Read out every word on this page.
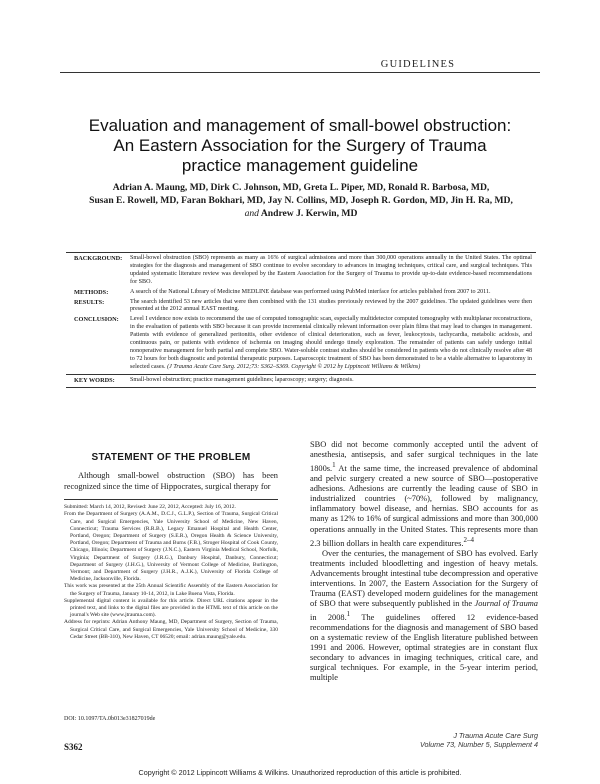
GUIDELINES
Evaluation and management of small-bowel obstruction:
An Eastern Association for the Surgery of Trauma
practice management guideline
Adrian A. Maung, MD, Dirk C. Johnson, MD, Greta L. Piper, MD, Ronald R. Barbosa, MD,
Susan E. Rowell, MD, Faran Bokhari, MD, Jay N. Collins, MD, Joseph R. Gordon, MD, Jin H. Ra, MD,
and Andrew J. Kerwin, MD
BACKGROUND:	Small-bowel obstruction (SBO) represents as many as 16% of surgical admissions and more than 300,000 operations annually in the United States. The optimal strategies for the diagnosis and management of SBO continue to evolve secondary to advances in imaging techniques, critical care, and surgical techniques. This updated systematic literature review was developed by the Eastern Association for the Surgery of Trauma to provide up-to-date evidence-based recommendations for SBO.
METHODS:	A search of the National Library of Medicine MEDLINE database was performed using PubMed interface for articles published from 2007 to 2011.
RESULTS:	The search identified 53 new articles that were then combined with the 131 studies previously reviewed by the 2007 guidelines. The updated guidelines were then presented at the 2012 annual EAST meeting.
CONCLUSION:	Level I evidence now exists to recommend the use of computed tomographic scan, especially multidetector computed tomography with multiplanar reconstructions, in the evaluation of patients with SBO because it can provide incremental clinically relevant information over plain films that may lead to changes in management. Patients with evidence of generalized peritonitis, other evidence of clinical deterioration, such as fever, leukocytosis, tachycardia, metabolic acidosis, and continuous pain, or patients with evidence of ischemia on imaging should undergo timely exploration. The remainder of patients can safely undergo initial nonoperative management for both partial and complete SBO. Water-soluble contrast studies should be considered in patients who do not clinically resolve after 48 to 72 hours for both diagnostic and potential therapeutic purposes. Laparoscopic treatment of SBO has been demonstrated to be a viable alternative to laparotomy in selected cases. (J Trauma Acute Care Surg. 2012;73: S362–S369. Copyright © 2012 by Lippincott Williams & Wilkins)
KEY WORDS:	Small-bowel obstruction; practice management guidelines; laparoscopy; surgery; diagnosis.
STATEMENT OF THE PROBLEM

Although small-bowel obstruction (SBO) has been recognized since the time of Hippocrates, surgical therapy for

Submitted: March 14, 2012, Revised: June 22, 2012, Accepted: July 16, 2012.

From the Department of Surgery (A.A.M., D.C.J., G.L.P.), Section of Trauma, Surgical Critical Care, and Surgical Emergencies, Yale University School of Medicine, New Haven, Connecticut; Trauma Services (R.R.B.), Legacy Emanuel Hospital and Health Center, Portland, Oregon; Department of Surgery (S.E.R.), Oregon Health & Science University, Portland, Oregon; Department of Trauma and Burns (F.B.), Stroger Hospital of Cook County, Chicago, Illinois; Department of Surgery (J.N.C.), Eastern Virginia Medical School, Norfolk, Virginia; Department of Surgery (J.R.G.), Danbury Hospital, Danbury, Connecticut; Department of Surgery (J.H.G.), University of Vermont College of Medicine, Burlington, Vermont; and Department of Surgery (J.H.R., A.J.K.), University of Florida College of Medicine, Jacksonville, Florida.

This work was presented at the 25th Annual Scientific Assembly of the Eastern Association for the Surgery of Trauma, January 10-14, 2012, in Lake Buena Vista, Florida.

Supplemental digital content is available for this article. Direct URL citations appear in the printed text, and links to the digital files are provided in the HTML text of this article on the journal's Web site (www.jtrauma.com).

Address for reprints: Adrian Anthony Maung, MD, Department of Surgery, Section of Trauma, Surgical Critical Care, and Surgical Emergencies, Yale University School of Medicine, 330 Cedar Street (BB-310), New Haven, CT 06520; email: adrian.maung@yale.edu.

SBO did not become commonly accepted until the advent of anesthesia, antisepsis, and safer surgical techniques in the late 1800s.$^1$ At the same time, the increased prevalence of abdominal and pelvic surgery created a new source of SBO—postoperative adhesions. Adhesions are currently the leading cause of SBO in industrialized countries (~70%), followed by malignancy, inflammatory bowel disease, and hernias. SBO accounts for as many as 12% to 16% of surgical admissions and more than 300,000 operations annually in the United States. This represents more than 2.3 billion dollars in health care expenditures.$^{2-4}$

Over the centuries, the management of SBO has evolved. Early treatments included bloodletting and ingestion of heavy metals. Advancements brought intestinal tube decompression and operative interventions. In 2007, the Eastern Association for the Surgery of Trauma (EAST) developed modern guidelines for the management of SBO that were subsequently published in the Journal of Trauma in 2008.$^1$ The guidelines offered 12 evidence-based recommendations for the diagnosis and management of SBO based on a systematic review of the English literature published between 1991 and 2006. However, optimal strategies are in constant flux secondary to advances in imaging techniques, critical care, and surgical techniques. For example, in the 5-year interim period, multiple

DOI: 10.1097/TA.0b013e31827019de
S362
J Trauma Acute Care Surg
Volume 73, Number 5, Supplement 4
Copyright © 2012 Lippincott Williams & Wilkins. Unauthorized reproduction of this article is prohibited.
